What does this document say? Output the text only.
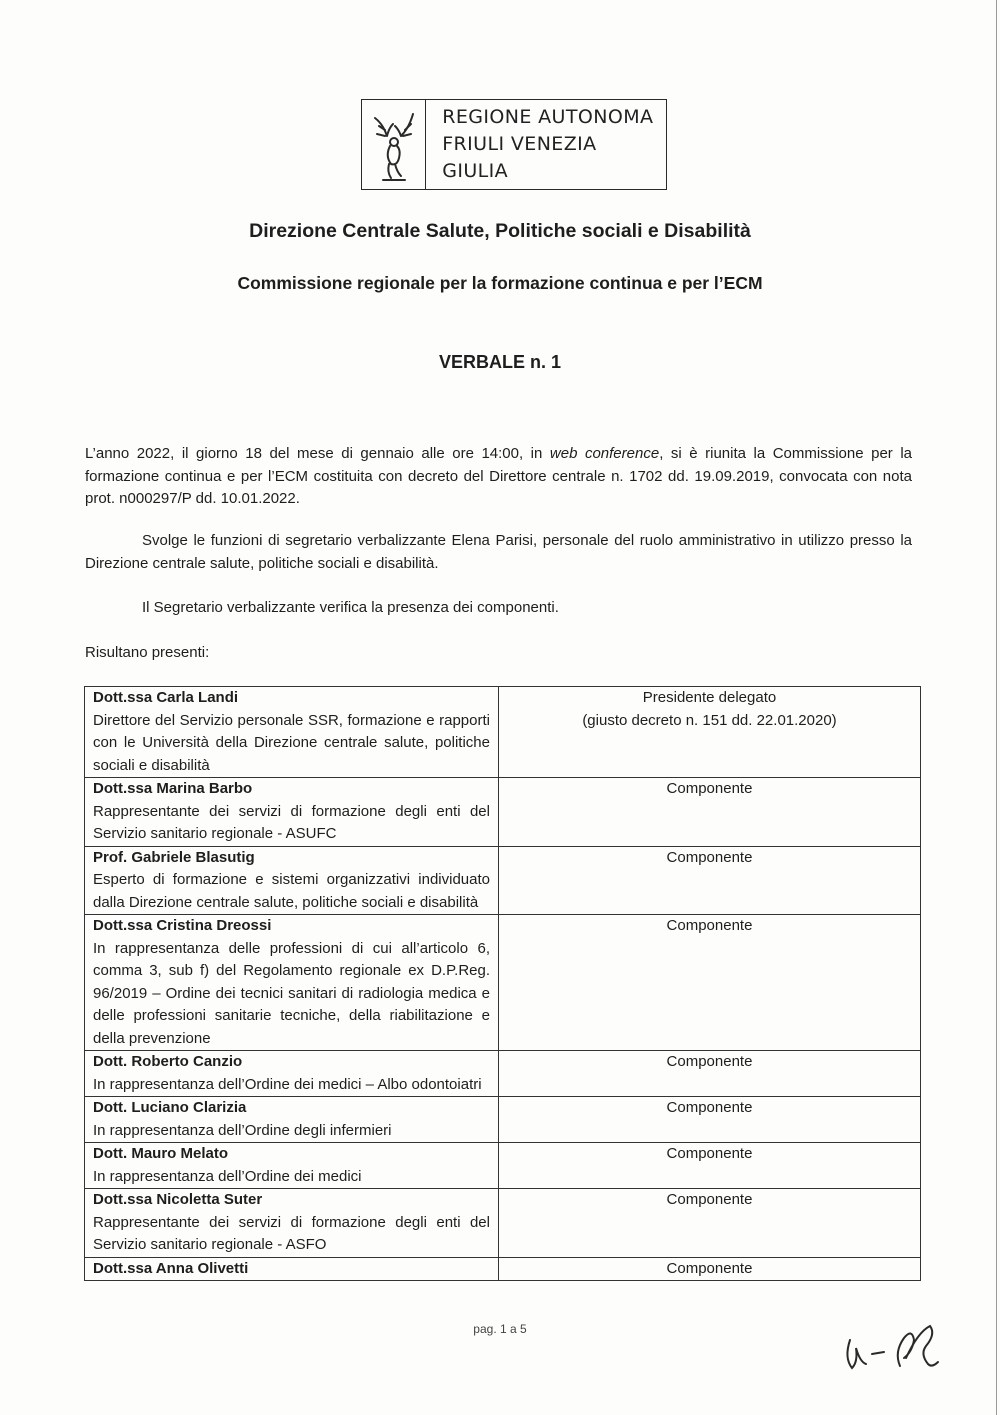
REGIONE AUTONOMA
FRIULI VENEZIA GIULIA
Direzione Centrale Salute, Politiche sociali e Disabilità
Commissione regionale per la formazione continua e per l’ECM
VERBALE n. 1

L’anno 2022, il giorno 18 del mese di gennaio alle ore 14:00, in web conference, si è riunita la Commissione per la formazione continua e per l’ECM costituita con decreto del Direttore centrale n. 1702 dd. 19.09.2019, convocata con nota prot. n000297/P dd. 10.01.2022.

Svolge le funzioni di segretario verbalizzante Elena Parisi, personale del ruolo amministrativo in utilizzo presso la Direzione centrale salute, politiche sociali e disabilità.

Il Segretario verbalizzante verifica la presenza dei componenti.

Risultano presenti:

Dott.ssa Carla Landi
Direttore del Servizio personale SSR, formazione e rapporti con le Università della Direzione centrale salute, politiche sociali e disabilità	Presidente delegato
(giusto decreto n. 151 dd. 22.01.2020)

Dott.ssa Marina Barbo
Rappresentante dei servizi di formazione degli enti del Servizio sanitario regionale - ASUFC	Componente

Prof. Gabriele Blasutig
Esperto di formazione e sistemi organizzativi individuato dalla Direzione centrale salute, politiche sociali e disabilità	Componente

Dott.ssa Cristina Dreossi
In rappresentanza delle professioni di cui all’articolo 6, comma 3, sub f) del Regolamento regionale ex D.P.Reg. 96/2019 – Ordine dei tecnici sanitari di radiologia medica e delle professioni sanitarie tecniche, della riabilitazione e della prevenzione	Componente

Dott. Roberto Canzio
In rappresentanza dell’Ordine dei medici – Albo odontoiatri	Componente

Dott. Luciano Clarizia
In rappresentanza dell’Ordine degli infermieri	Componente

Dott. Mauro Melato
In rappresentanza dell’Ordine dei medici	Componente

Dott.ssa Nicoletta Suter
Rappresentante dei servizi di formazione degli enti del Servizio sanitario regionale - ASFO	Componente

Dott.ssa Anna Olivetti	Componente
pag. 1 a 5
